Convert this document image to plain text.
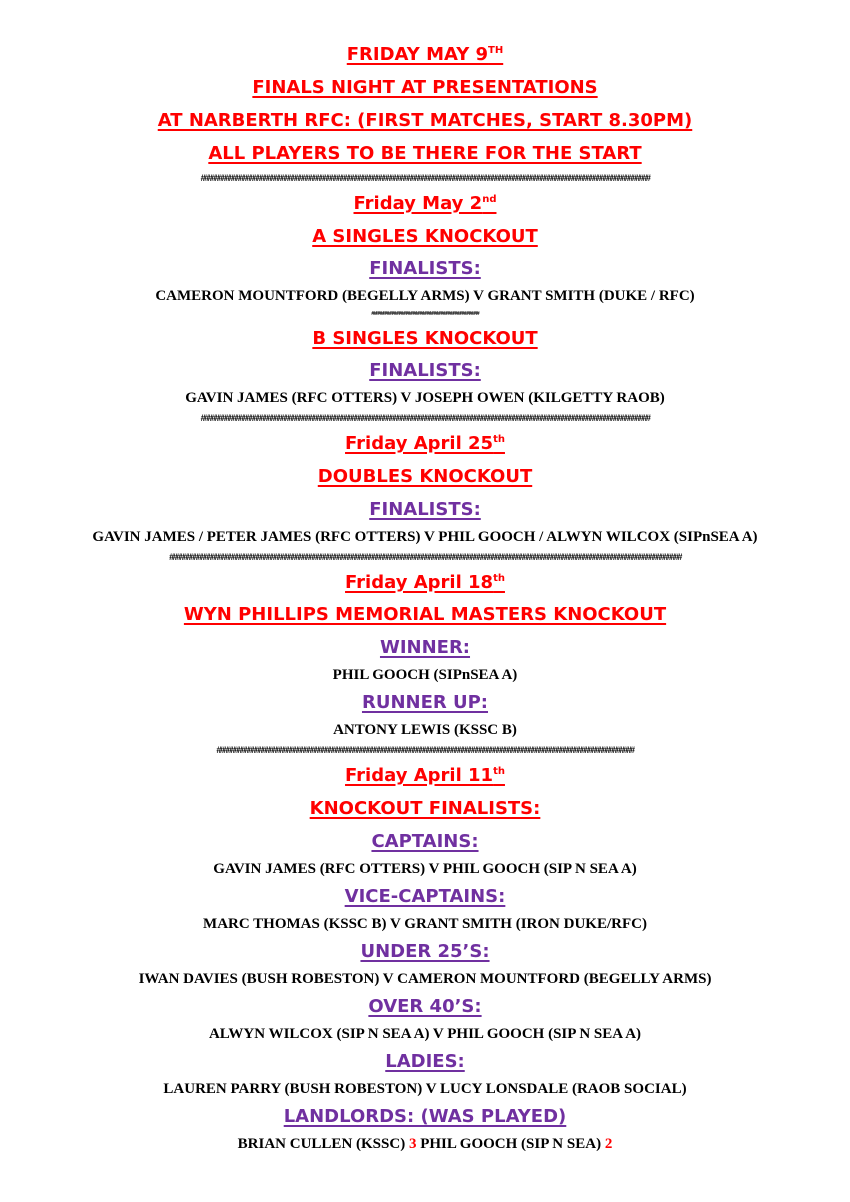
FRIDAY MAY 9TH
FINALS NIGHT AT PRESENTATIONS
AT NARBERTH RFC: (FIRST MATCHES, START 8.30PM)
ALL PLAYERS TO BE THERE FOR THE START
################################################################################################################################
Friday May 2nd
A SINGLES KNOCKOUT
FINALISTS:
CAMERON MOUNTFORD (BEGELLY ARMS) V GRANT SMITH (DUKE / RFC)
##############################################
B SINGLES KNOCKOUT
FINALISTS:
GAVIN JAMES (RFC OTTERS) V JOSEPH OWEN (KILGETTY RAOB)
################################################################################################################################
Friday April 25th
DOUBLES KNOCKOUT
FINALISTS:
GAVIN JAMES / PETER JAMES (RFC OTTERS) V PHIL GOOCH / ALWYN WILCOX (SIPnSEA A)
##################################################################################################################################################
Friday April 18th
WYN PHILLIPS MEMORIAL MASTERS KNOCKOUT
WINNER:
PHIL GOOCH (SIPnSEA A)
RUNNER UP:
ANTONY LEWIS (KSSC B)
#######################################################################################################################
Friday April 11th
KNOCKOUT FINALISTS:
CAPTAINS:
GAVIN JAMES (RFC OTTERS) V PHIL GOOCH (SIP N SEA A)
VICE-CAPTAINS:
MARC THOMAS (KSSC B) V GRANT SMITH (IRON DUKE/RFC)
UNDER 25’S:
IWAN DAVIES (BUSH ROBESTON) V CAMERON MOUNTFORD (BEGELLY ARMS)
OVER 40’S:
ALWYN WILCOX (SIP N SEA A) V PHIL GOOCH (SIP N SEA A)
LADIES:
LAUREN PARRY (BUSH ROBESTON) V LUCY LONSDALE (RAOB SOCIAL)
LANDLORDS: (WAS PLAYED)
BRIAN CULLEN (KSSC) 3 PHIL GOOCH (SIP N SEA) 2
